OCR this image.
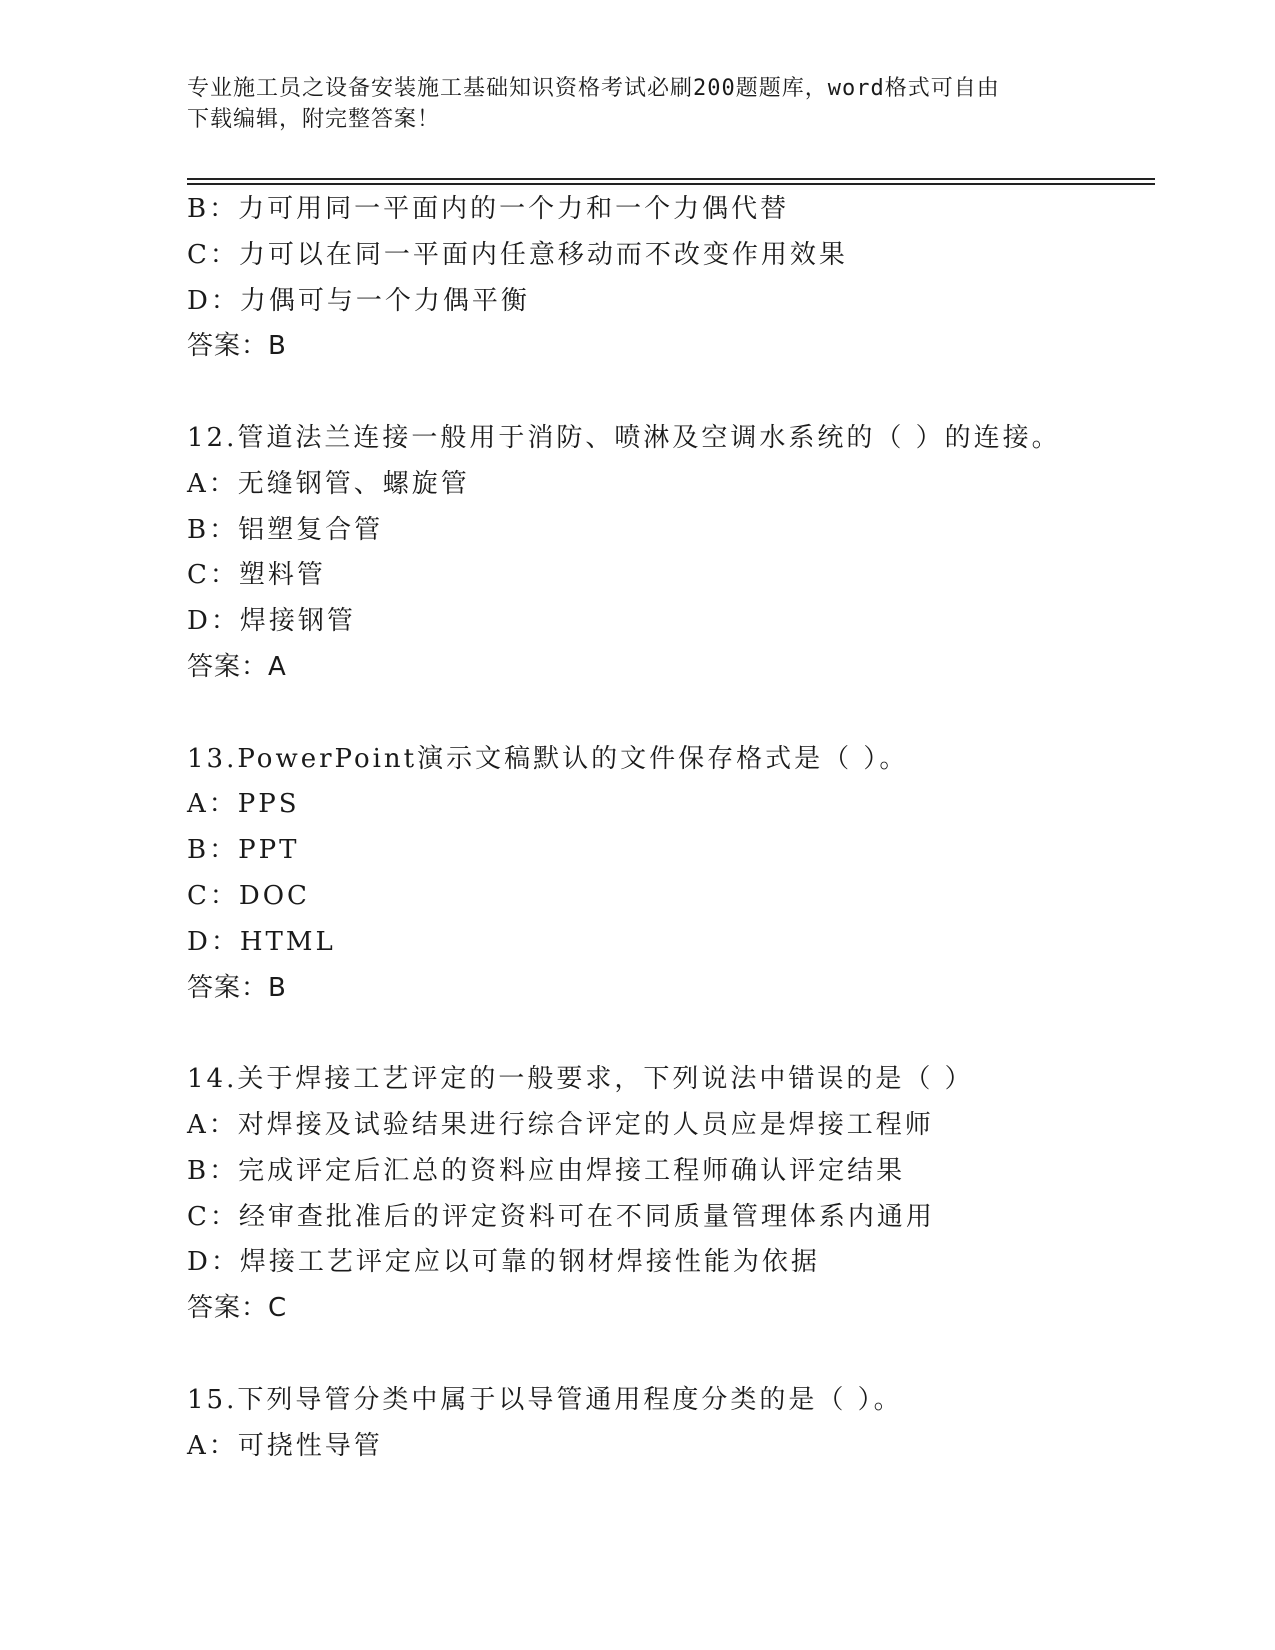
专业施工员之设备安装施工基础知识资格考试必刷200题题库，word格式可自由
下载编辑，附完整答案！
B：力可用同一平面内的一个力和一个力偶代替
C：力可以在同一平面内任意移动而不改变作用效果
D：力偶可与一个力偶平衡
答案：B
12.管道法兰连接一般用于消防、喷淋及空调水系统的（ ）的连接。
A：无缝钢管、螺旋管
B：铝塑复合管
C：塑料管
D：焊接钢管
答案：A
13.PowerPoint演示文稿默认的文件保存格式是（ ）。
A：PPS
B：PPT
C：DOC
D：HTML
答案：B
14.关于焊接工艺评定的一般要求，下列说法中错误的是（ ）
A：对焊接及试验结果进行综合评定的人员应是焊接工程师
B：完成评定后汇总的资料应由焊接工程师确认评定结果
C：经审查批准后的评定资料可在不同质量管理体系内通用
D：焊接工艺评定应以可靠的钢材焊接性能为依据
答案：C
15.下列导管分类中属于以导管通用程度分类的是（ ）。
A：可挠性导管
